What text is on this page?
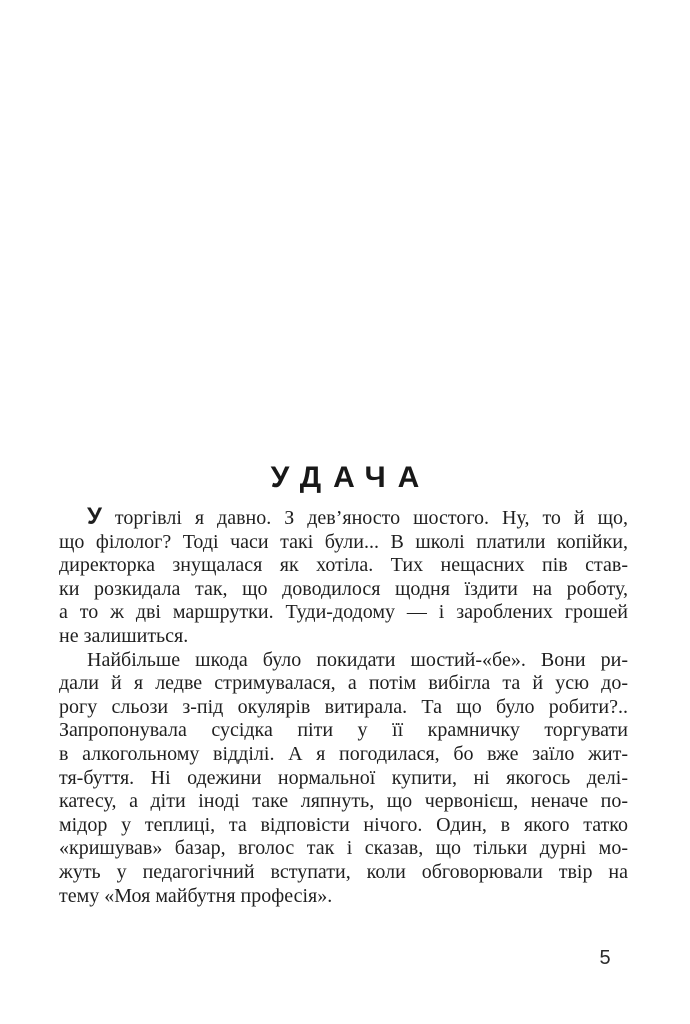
УДАЧА
У торгівлі я давно. З дев’яносто шостого. Ну, то й що,
що філолог? Тоді часи такі були... В школі платили копійки,
директорка знущалася як хотіла. Тих нещасних пів став-
ки розкидала так, що доводилося щодня їздити на роботу,
а то ж дві маршрутки. Туди-додому — і зароблених грошей
не залишиться.
Найбільше шкода було покидати шостий-«бе». Вони ри-
дали й я ледве стримувалася, а потім вибігла та й усю до-
рогу сльози з-під окулярів витирала. Та що було робити?..
Запропонувала сусідка піти у її крамничку торгувати
в алкогольному відділі. А я погодилася, бо вже заїло жит-
тя-буття. Ні одежини нормальної купити, ні якогось делі-
катесу, а діти іноді таке ляпнуть, що червонієш, неначе по-
мідор у теплиці, та відповісти нічого. Один, в якого татко
«кришував» базар, вголос так і сказав, що тільки дурні мо-
жуть у педагогічний вступати, коли обговорювали твір на
тему «Моя майбутня професія».
5
